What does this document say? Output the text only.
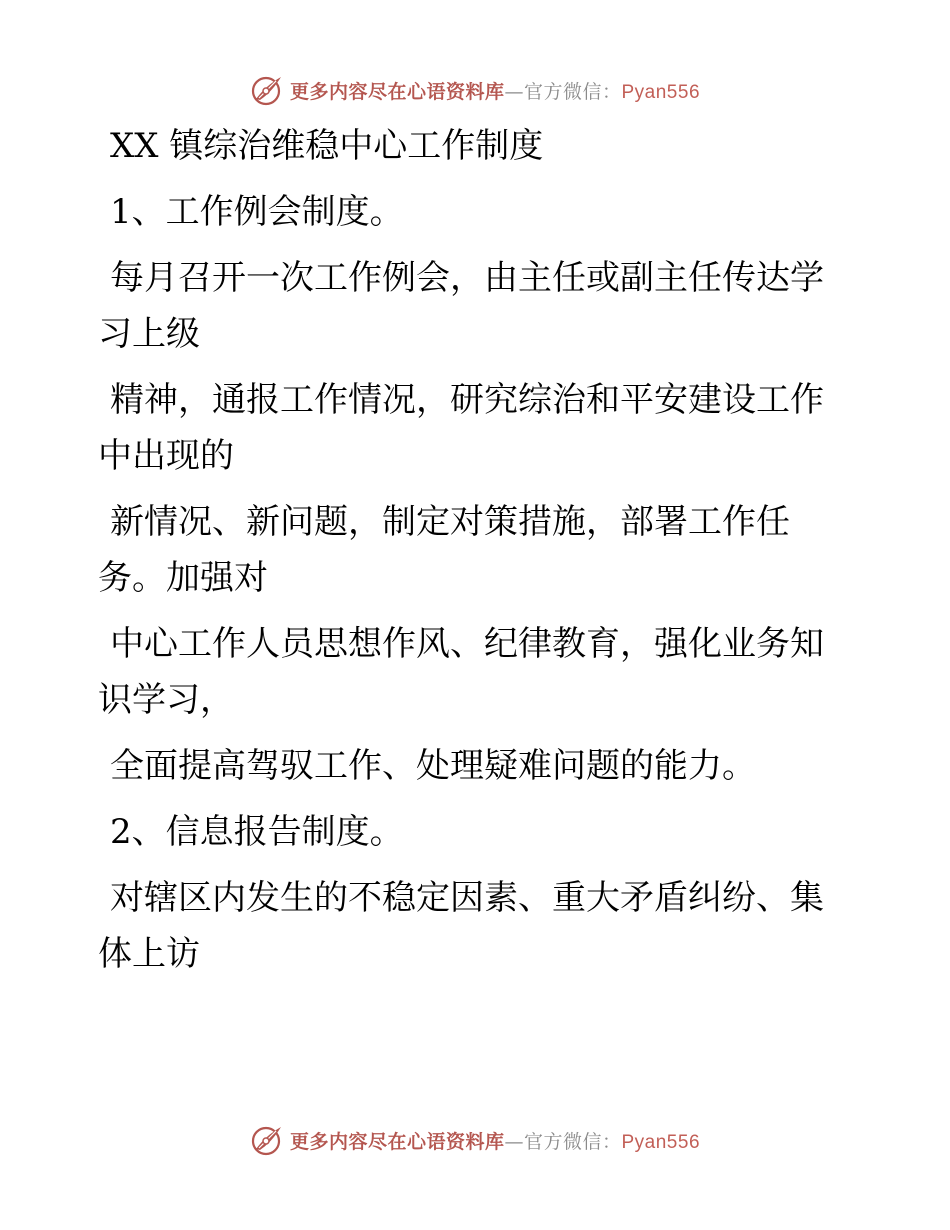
更多内容尽在心语资料库—官方微信：Pyan556

XX 镇综治维稳中心工作制度

1、工作例会制度。

每月召开一次工作例会，由主任或副主任传达学习上级

精神，通报工作情况，研究综治和平安建设工作中出现的

新情况、新问题，制定对策措施，部署工作任务。加强对

中心工作人员思想作风、纪律教育，强化业务知识学习，

全面提高驾驭工作、处理疑难问题的能力。

2、信息报告制度。

对辖区内发生的不稳定因素、重大矛盾纠纷、集体上访

更多内容尽在心语资料库—官方微信：Pyan556
